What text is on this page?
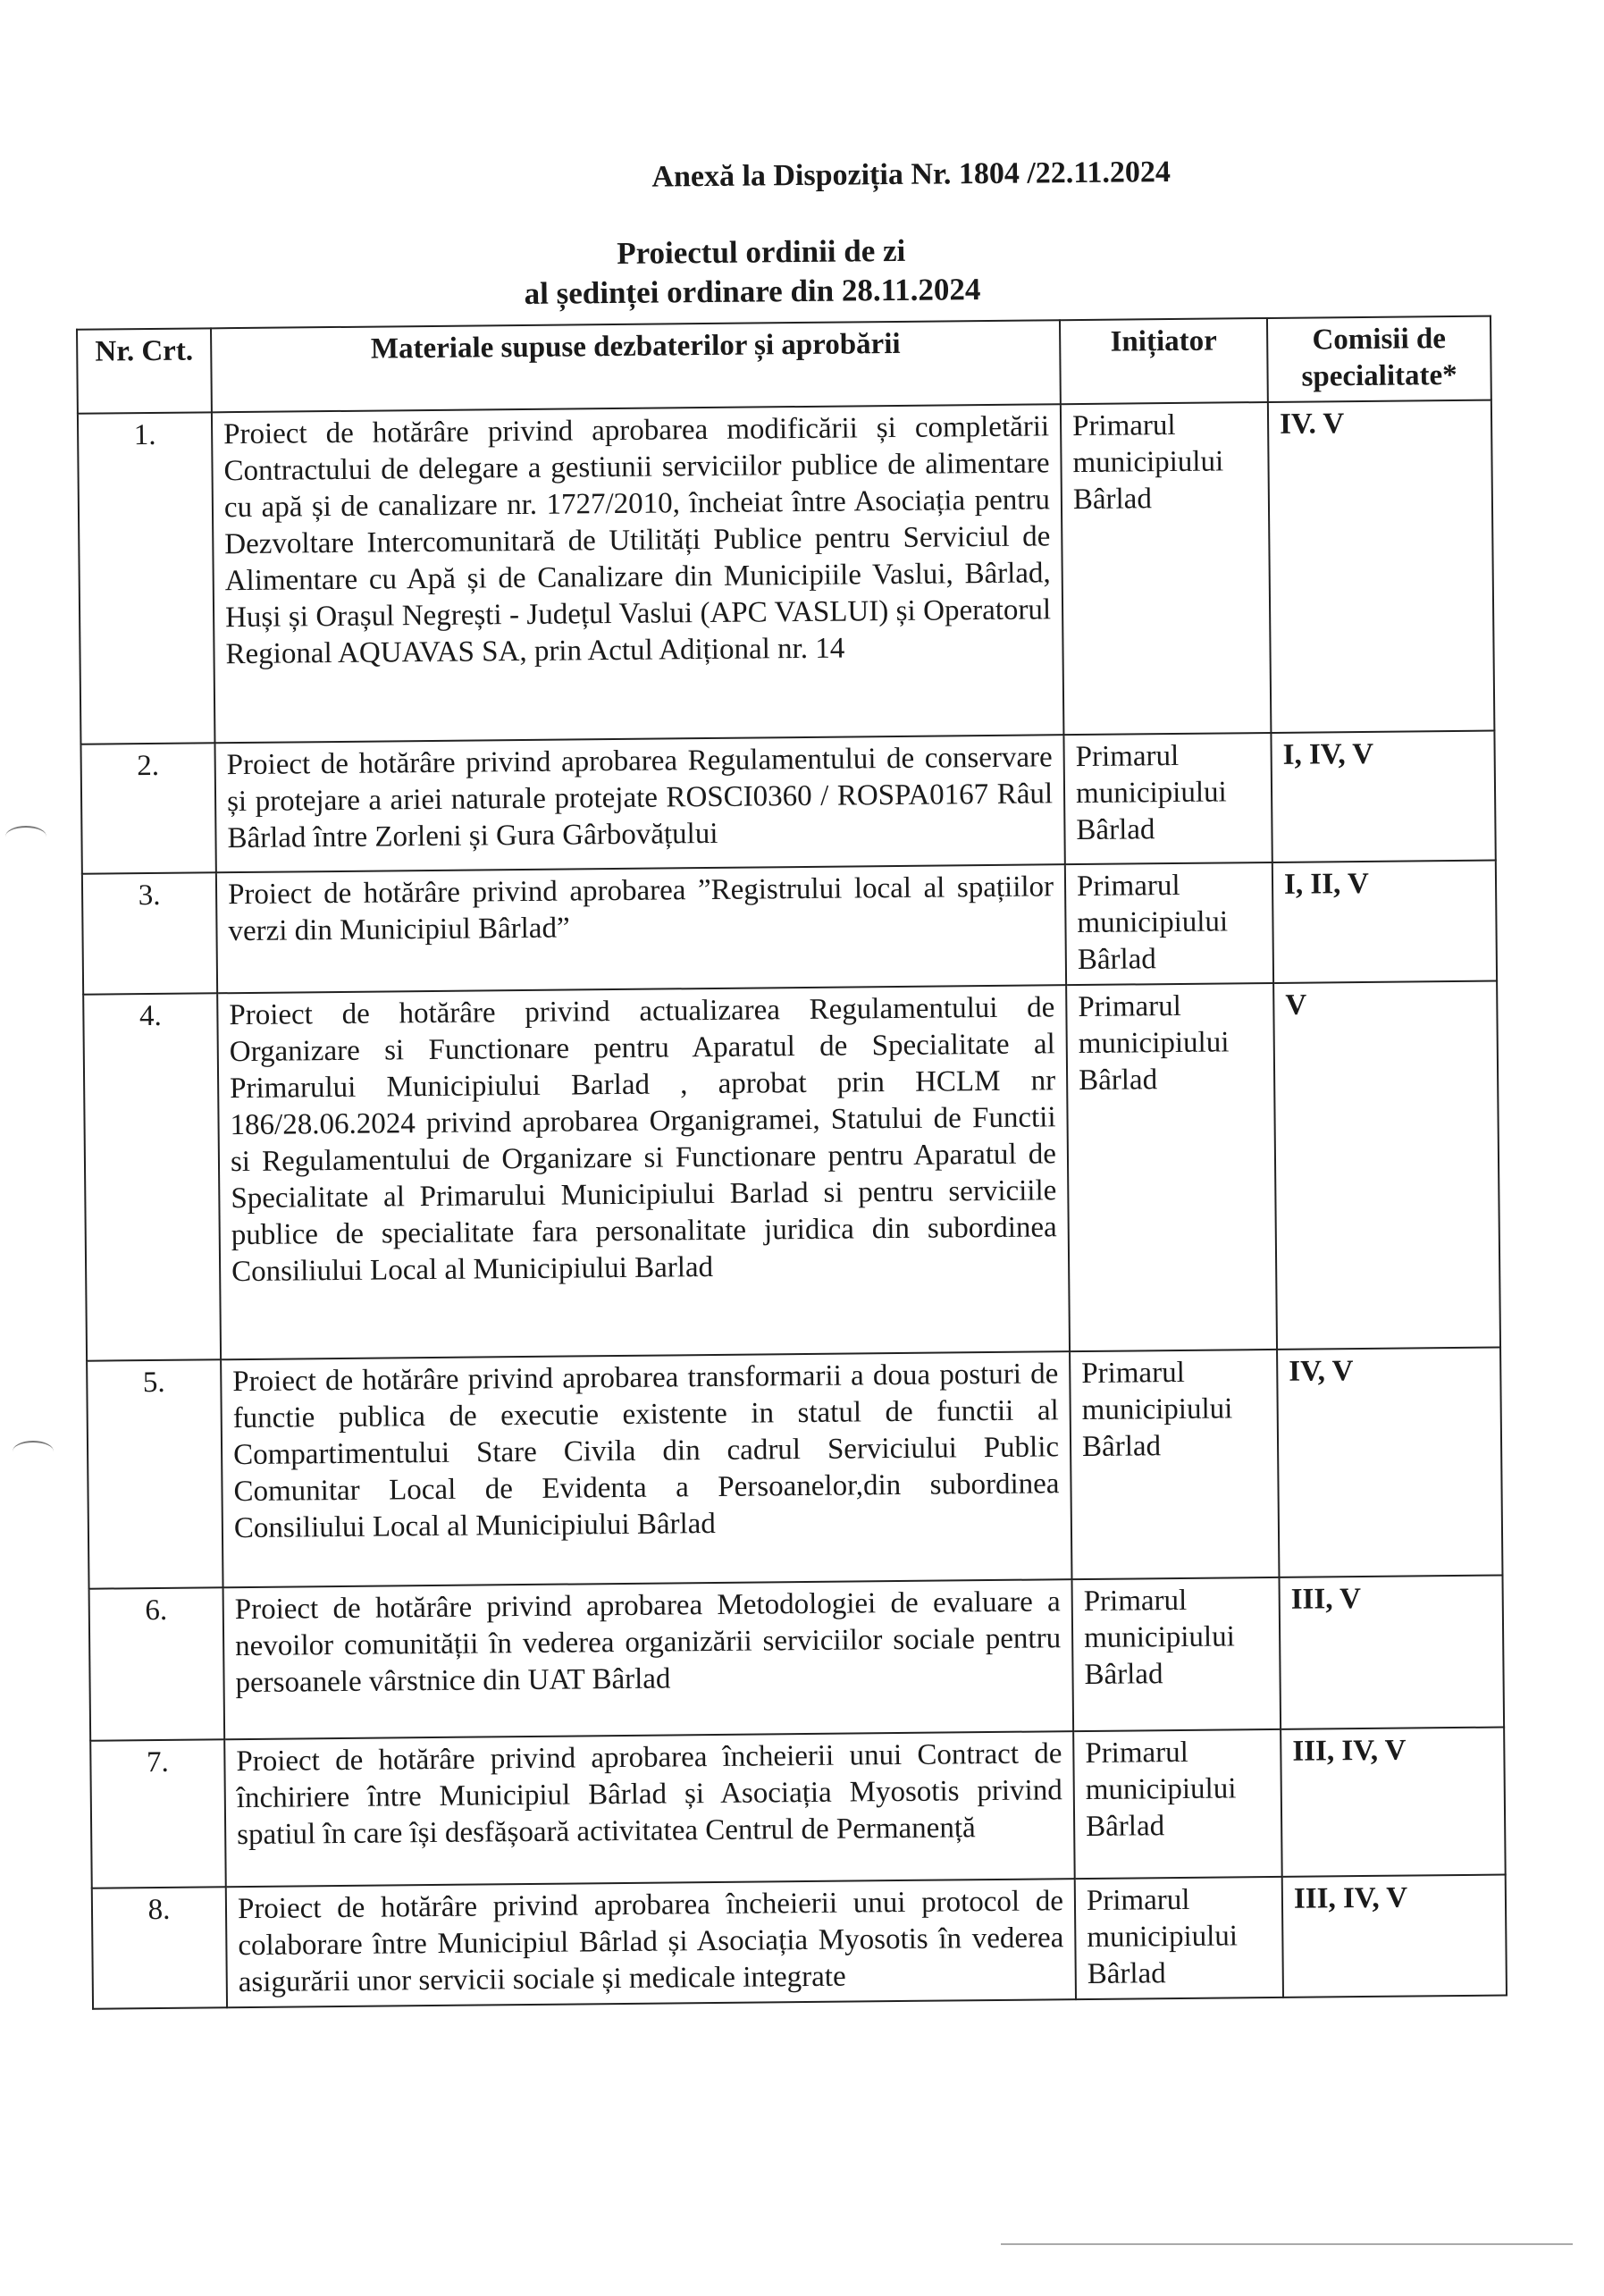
Anexă la Dispoziția Nr. 1804 /22.11.2024
Proiectul ordinii de zi
al ședinței ordinare din 28.11.2024
Nr. Crt.	Materiale supuse dezbaterilor și aprobării	Inițiator	Comisii de specialitate*
1.	Proiect de hotărâre privind aprobarea modificării și completării Contractului de delegare a gestiunii serviciilor publice de alimentare cu apă și de canalizare nr. 1727/2010, încheiat între Asociația pentru Dezvoltare Intercomunitară de Utilități Publice pentru Serviciul de Alimentare cu Apă și de Canalizare din Municipiile Vaslui, Bârlad, Huși și Orașul Negrești - Județul Vaslui (APC VASLUI) și Operatorul Regional AQUAVAS SA, prin Actul Adițional nr. 14	Primarul municipiului Bârlad	IV. V
2.	Proiect de hotărâre privind aprobarea Regulamentului de conservare și protejare a ariei naturale protejate ROSCI0360 / ROSPA0167 Râul Bârlad între Zorleni și Gura Gârbovățului	Primarul municipiului Bârlad	I, IV, V
3.	Proiect de hotărâre privind aprobarea ”Registrului local al spațiilor verzi din Municipiul Bârlad”	Primarul municipiului Bârlad	I, II, V
4.	Proiect de hotărâre privind actualizarea Regulamentului de Organizare si Functionare pentru Aparatul de Specialitate al Primarului Municipiului Barlad , aprobat prin HCLM nr 186/28.06.2024 privind aprobarea Organigramei, Statului de Functii si Regulamentului de Organizare si Functionare pentru Aparatul de Specialitate al Primarului Municipiului Barlad si pentru serviciile publice de specialitate fara personalitate juridica din subordinea Consiliului Local al Municipiului Barlad	Primarul municipiului Bârlad	V
5.	Proiect de hotărâre privind aprobarea transformarii a doua posturi de functie publica de executie existente in statul de functii al Compartimentului Stare Civila din cadrul Serviciului Public Comunitar Local de Evidenta a Persoanelor,din subordinea Consiliului Local al Municipiului Bârlad	Primarul municipiului Bârlad	IV, V
6.	Proiect de hotărâre privind aprobarea Metodologiei de evaluare a nevoilor comunității în vederea organizării serviciilor sociale pentru persoanele vârstnice din UAT Bârlad	Primarul municipiului Bârlad	III, V
7.	Proiect de hotărâre privind aprobarea încheierii unui Contract de închiriere între Municipiul Bârlad și Asociația Myosotis privind spatiul în care își desfășoară activitatea Centrul de Permanență	Primarul municipiului Bârlad	III, IV, V
8.	Proiect de hotărâre privind aprobarea încheierii unui protocol de colaborare între Municipiul Bârlad și Asociația Myosotis în vederea asigurării unor servicii sociale și medicale integrate	Primarul municipiului Bârlad	III, IV, V
